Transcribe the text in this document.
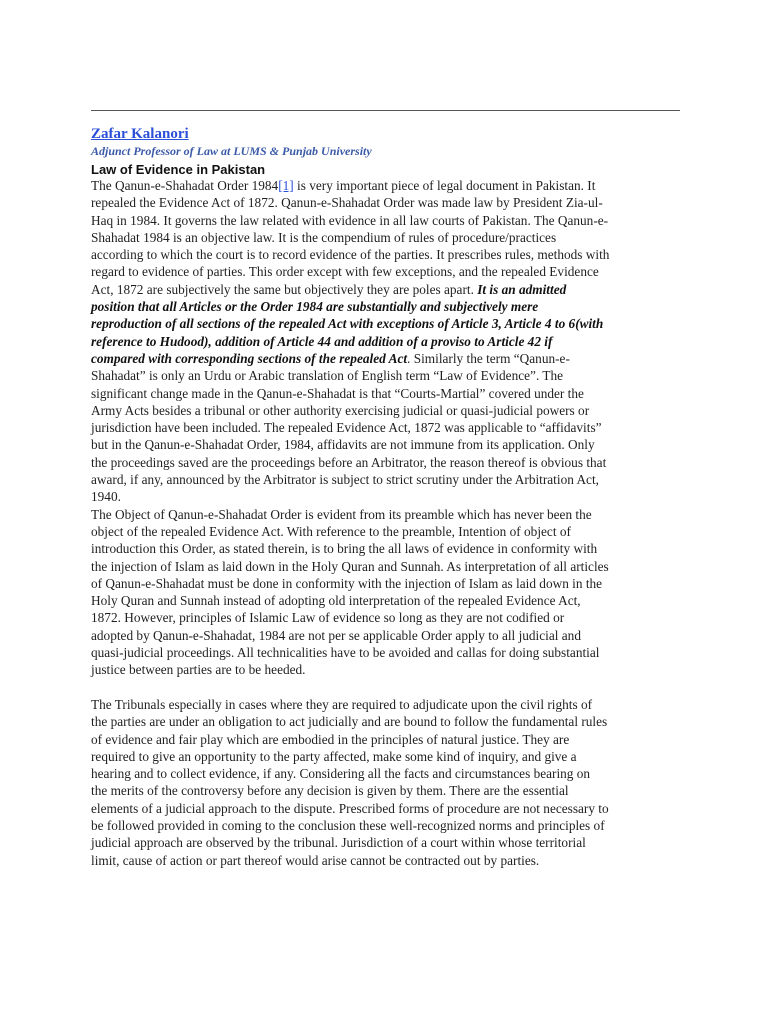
Zafar Kalanori
Adjunct Professor of Law at LUMS & Punjab University
Law of Evidence in Pakistan
The Qanun-e-Shahadat Order 1984[1] is very important piece of legal document in Pakistan. It
repealed the Evidence Act of 1872. Qanun-e-Shahadat Order was made law by President Zia-ul-
Haq in 1984. It governs the law related with evidence in all law courts of Pakistan. The Qanun-e-
Shahadat 1984 is an objective law. It is the compendium of rules of procedure/practices
according to which the court is to record evidence of the parties. It prescribes rules, methods with
regard to evidence of parties. This order except with few exceptions, and the repealed Evidence
Act, 1872 are subjectively the same but objectively they are poles apart. It is an admitted
position that all Articles or the Order 1984 are substantially and subjectively mere
reproduction of all sections of the repealed Act with exceptions of Article 3, Article 4 to 6(with
reference to Hudood), addition of Article 44 and addition of a proviso to Article 42 if
compared with corresponding sections of the repealed Act. Similarly the term “Qanun-e-
Shahadat” is only an Urdu or Arabic translation of English term “Law of Evidence”. The
significant change made in the Qanun-e-Shahadat is that “Courts-Martial” covered under the
Army Acts besides a tribunal or other authority exercising judicial or quasi-judicial powers or
jurisdiction have been included. The repealed Evidence Act, 1872 was applicable to “affidavits”
but in the Qanun-e-Shahadat Order, 1984, affidavits are not immune from its application. Only
the proceedings saved are the proceedings before an Arbitrator, the reason thereof is obvious that
award, if any, announced by the Arbitrator is subject to strict scrutiny under the Arbitration Act,
1940.
The Object of Qanun-e-Shahadat Order is evident from its preamble which has never been the
object of the repealed Evidence Act. With reference to the preamble, Intention of object of
introduction this Order, as stated therein, is to bring the all laws of evidence in conformity with
the injection of Islam as laid down in the Holy Quran and Sunnah. As interpretation of all articles
of Qanun-e-Shahadat must be done in conformity with the injection of Islam as laid down in the
Holy Quran and Sunnah instead of adopting old interpretation of the repealed Evidence Act,
1872. However, principles of Islamic Law of evidence so long as they are not codified or
adopted by Qanun-e-Shahadat, 1984 are not per se applicable Order apply to all judicial and
quasi-judicial proceedings. All technicalities have to be avoided and callas for doing substantial
justice between parties are to be heeded.
The Tribunals especially in cases where they are required to adjudicate upon the civil rights of
the parties are under an obligation to act judicially and are bound to follow the fundamental rules
of evidence and fair play which are embodied in the principles of natural justice. They are
required to give an opportunity to the party affected, make some kind of inquiry, and give a
hearing and to collect evidence, if any. Considering all the facts and circumstances bearing on
the merits of the controversy before any decision is given by them. There are the essential
elements of a judicial approach to the dispute. Prescribed forms of procedure are not necessary to
be followed provided in coming to the conclusion these well-recognized norms and principles of
judicial approach are observed by the tribunal. Jurisdiction of a court within whose territorial
limit, cause of action or part thereof would arise cannot be contracted out by parties.
